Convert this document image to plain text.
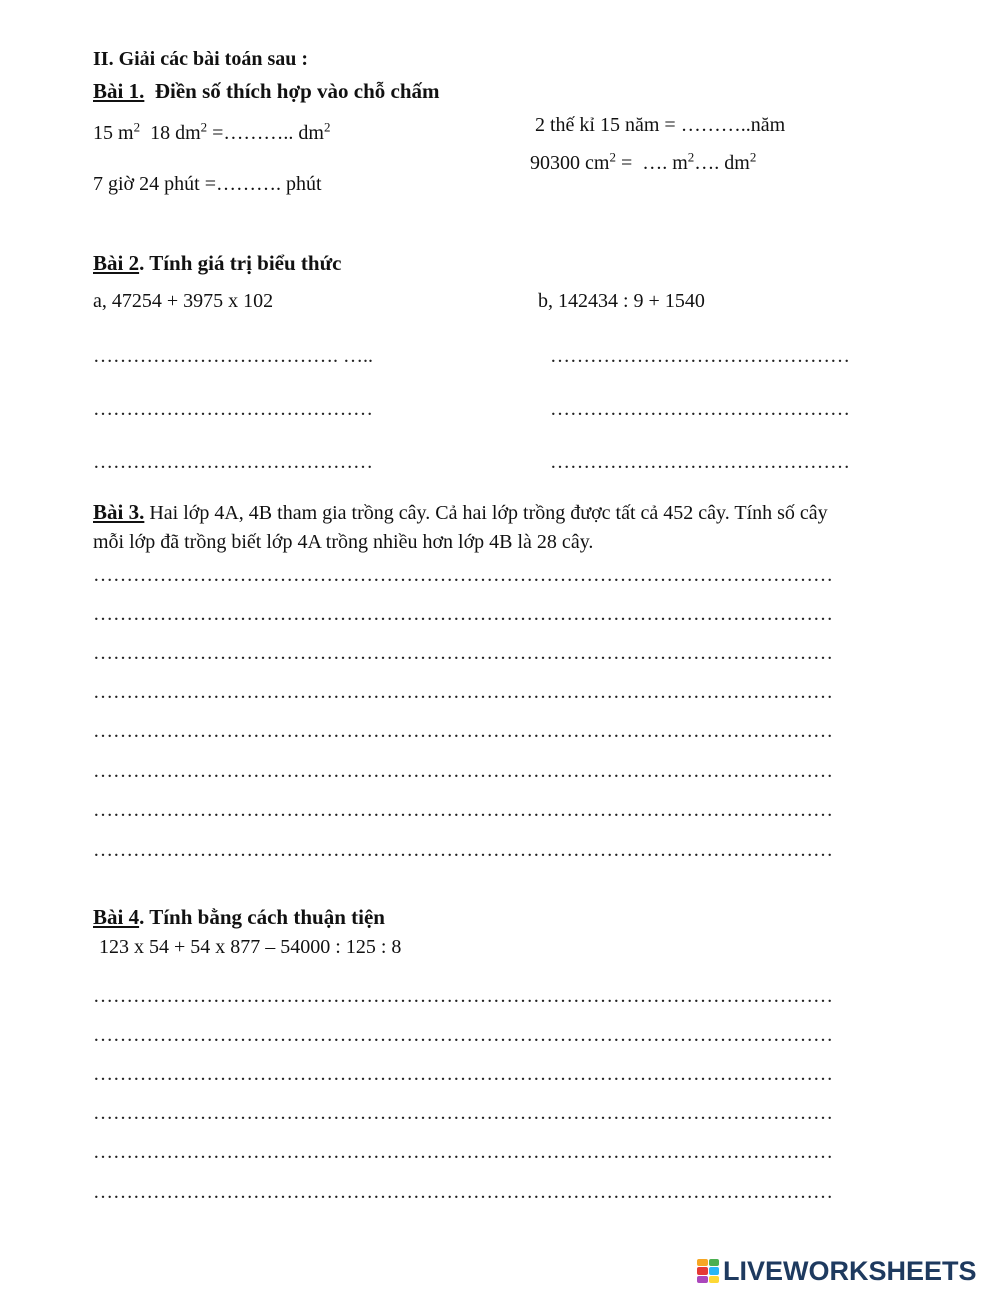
II. Giải các bài toán sau :
Bài 1. Điền số thích hợp vào chỗ chấm
15 $m^2$  18 $dm^2$ =……….. $dm^2$
7 giờ 24 phút =………. phút
2 thế kỉ 15 năm = ………..năm
90300 $cm^2$ =  …. $m^2\dots$. $dm^2$
Bài 2. Tính giá trị biểu thức
a, 47254 + 3975 x 102	b, 142434 : 9 + 1540
………………………………. …..
……………………………………
……………………………………
………………………………………
………………………………………
………………………………………
Bài 3. Hai lớp 4A, 4B tham gia trồng cây. Cả hai lớp trồng được tất cả 452 cây. Tính số cây
mỗi lớp đã trồng biết lớp 4A trồng nhiều hơn lớp 4B là 28 cây.
…………………………………………………………………………………………………
…………………………………………………………………………………………………
…………………………………………………………………………………………………
…………………………………………………………………………………………………
…………………………………………………………………………………………………
…………………………………………………………………………………………………
…………………………………………………………………………………………………
…………………………………………………………………………………………………
Bài 4. Tính bằng cách thuận tiện
123 x 54 + 54 x 877 – 54000 : 125 : 8
…………………………………………………………………………………………………
…………………………………………………………………………………………………
…………………………………………………………………………………………………
…………………………………………………………………………………………………
…………………………………………………………………………………………………
…………………………………………………………………………………………………
LIVEWORKSHEETS
